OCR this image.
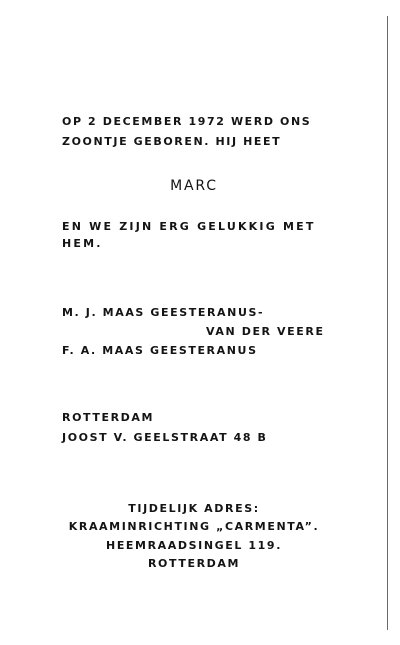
OP 2 DECEMBER 1972 WERD ONS
ZOONTJE GEBOREN. HIJ HEET
MARC
EN WE ZIJN ERG GELUKKIG MET
HEM.
M. J. MAAS GEESTERANUS-
VAN DER VEERE
F. A. MAAS GEESTERANUS
ROTTERDAM
JOOST V. GEELSTRAAT 48 B
TIJDELIJK ADRES:
KRAAMINRICHTING „CARMENTA”.
HEEMRAADSINGEL 119.
ROTTERDAM
